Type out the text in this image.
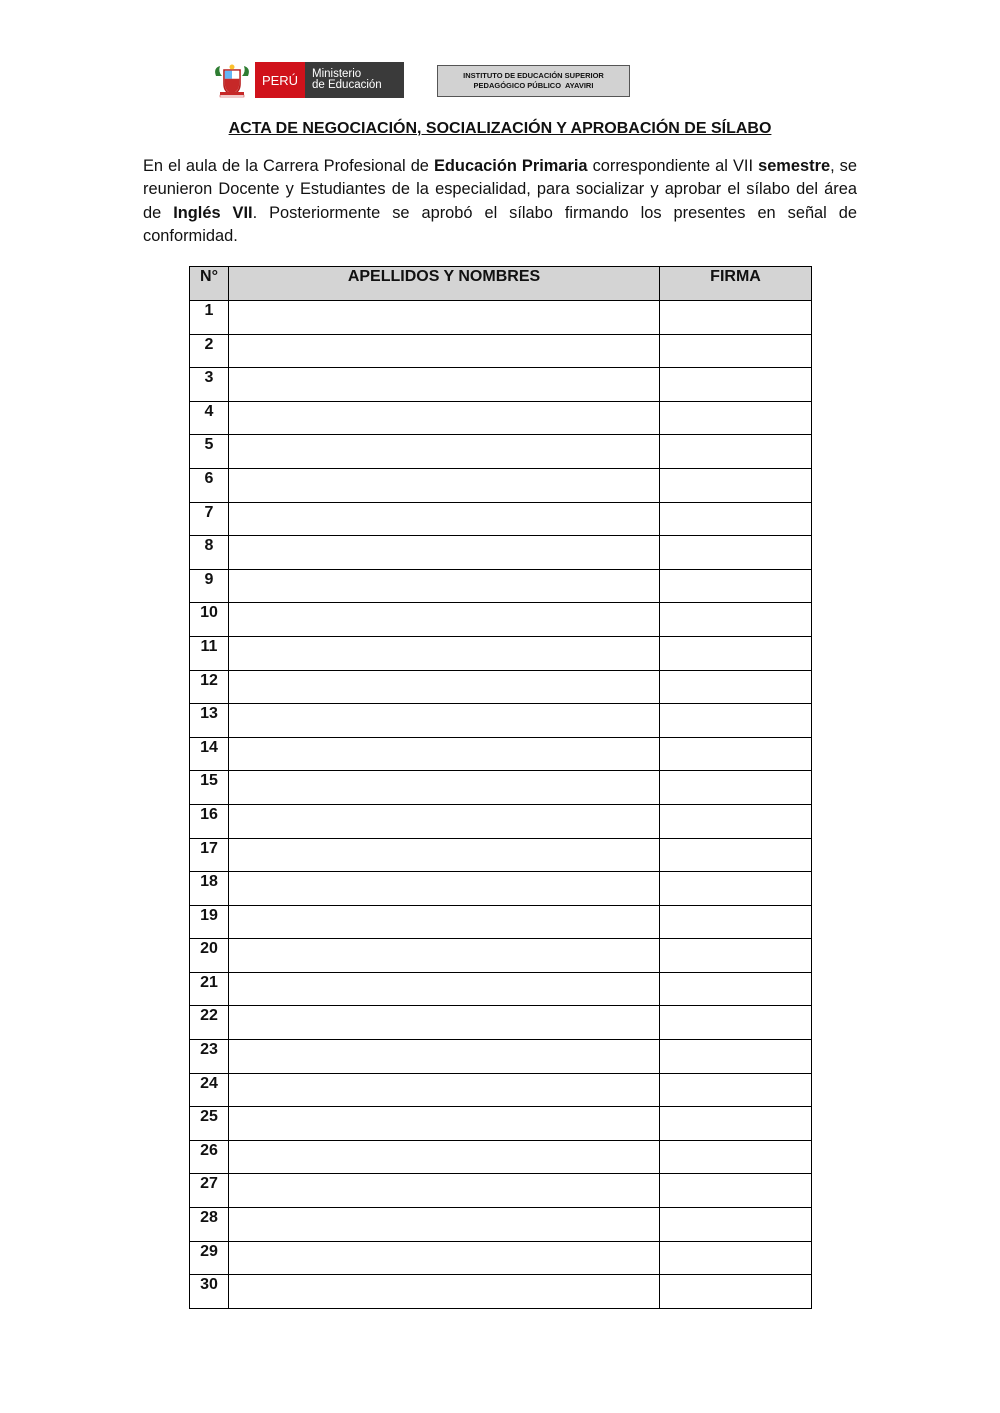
PERÚ	Ministerio
de Educación
INSTITUTO DE EDUCACIÓN SUPERIOR
PEDAGÓGICO PÚBLICO  AYAVIRI
ACTA DE NEGOCIACIÓN, SOCIALIZACIÓN Y APROBACIÓN DE SÍLABO
En el aula de la Carrera Profesional de Educación Primaria correspondiente al VII semestre, se reunieron Docente y Estudiantes de la especialidad, para socializar y aprobar el sílabo del área de Inglés VII. Posteriormente se aprobó el sílabo firmando los presentes en señal de conformidad.
N°	APELLIDOS Y NOMBRES	FIRMA
1		
2		
3		
4		
5		
6		
7		
8		
9		
10		
11		
12		
13		
14		
15		
16		
17		
18		
19		
20		
21		
22		
23		
24		
25		
26		
27		
28		
29		
30		
